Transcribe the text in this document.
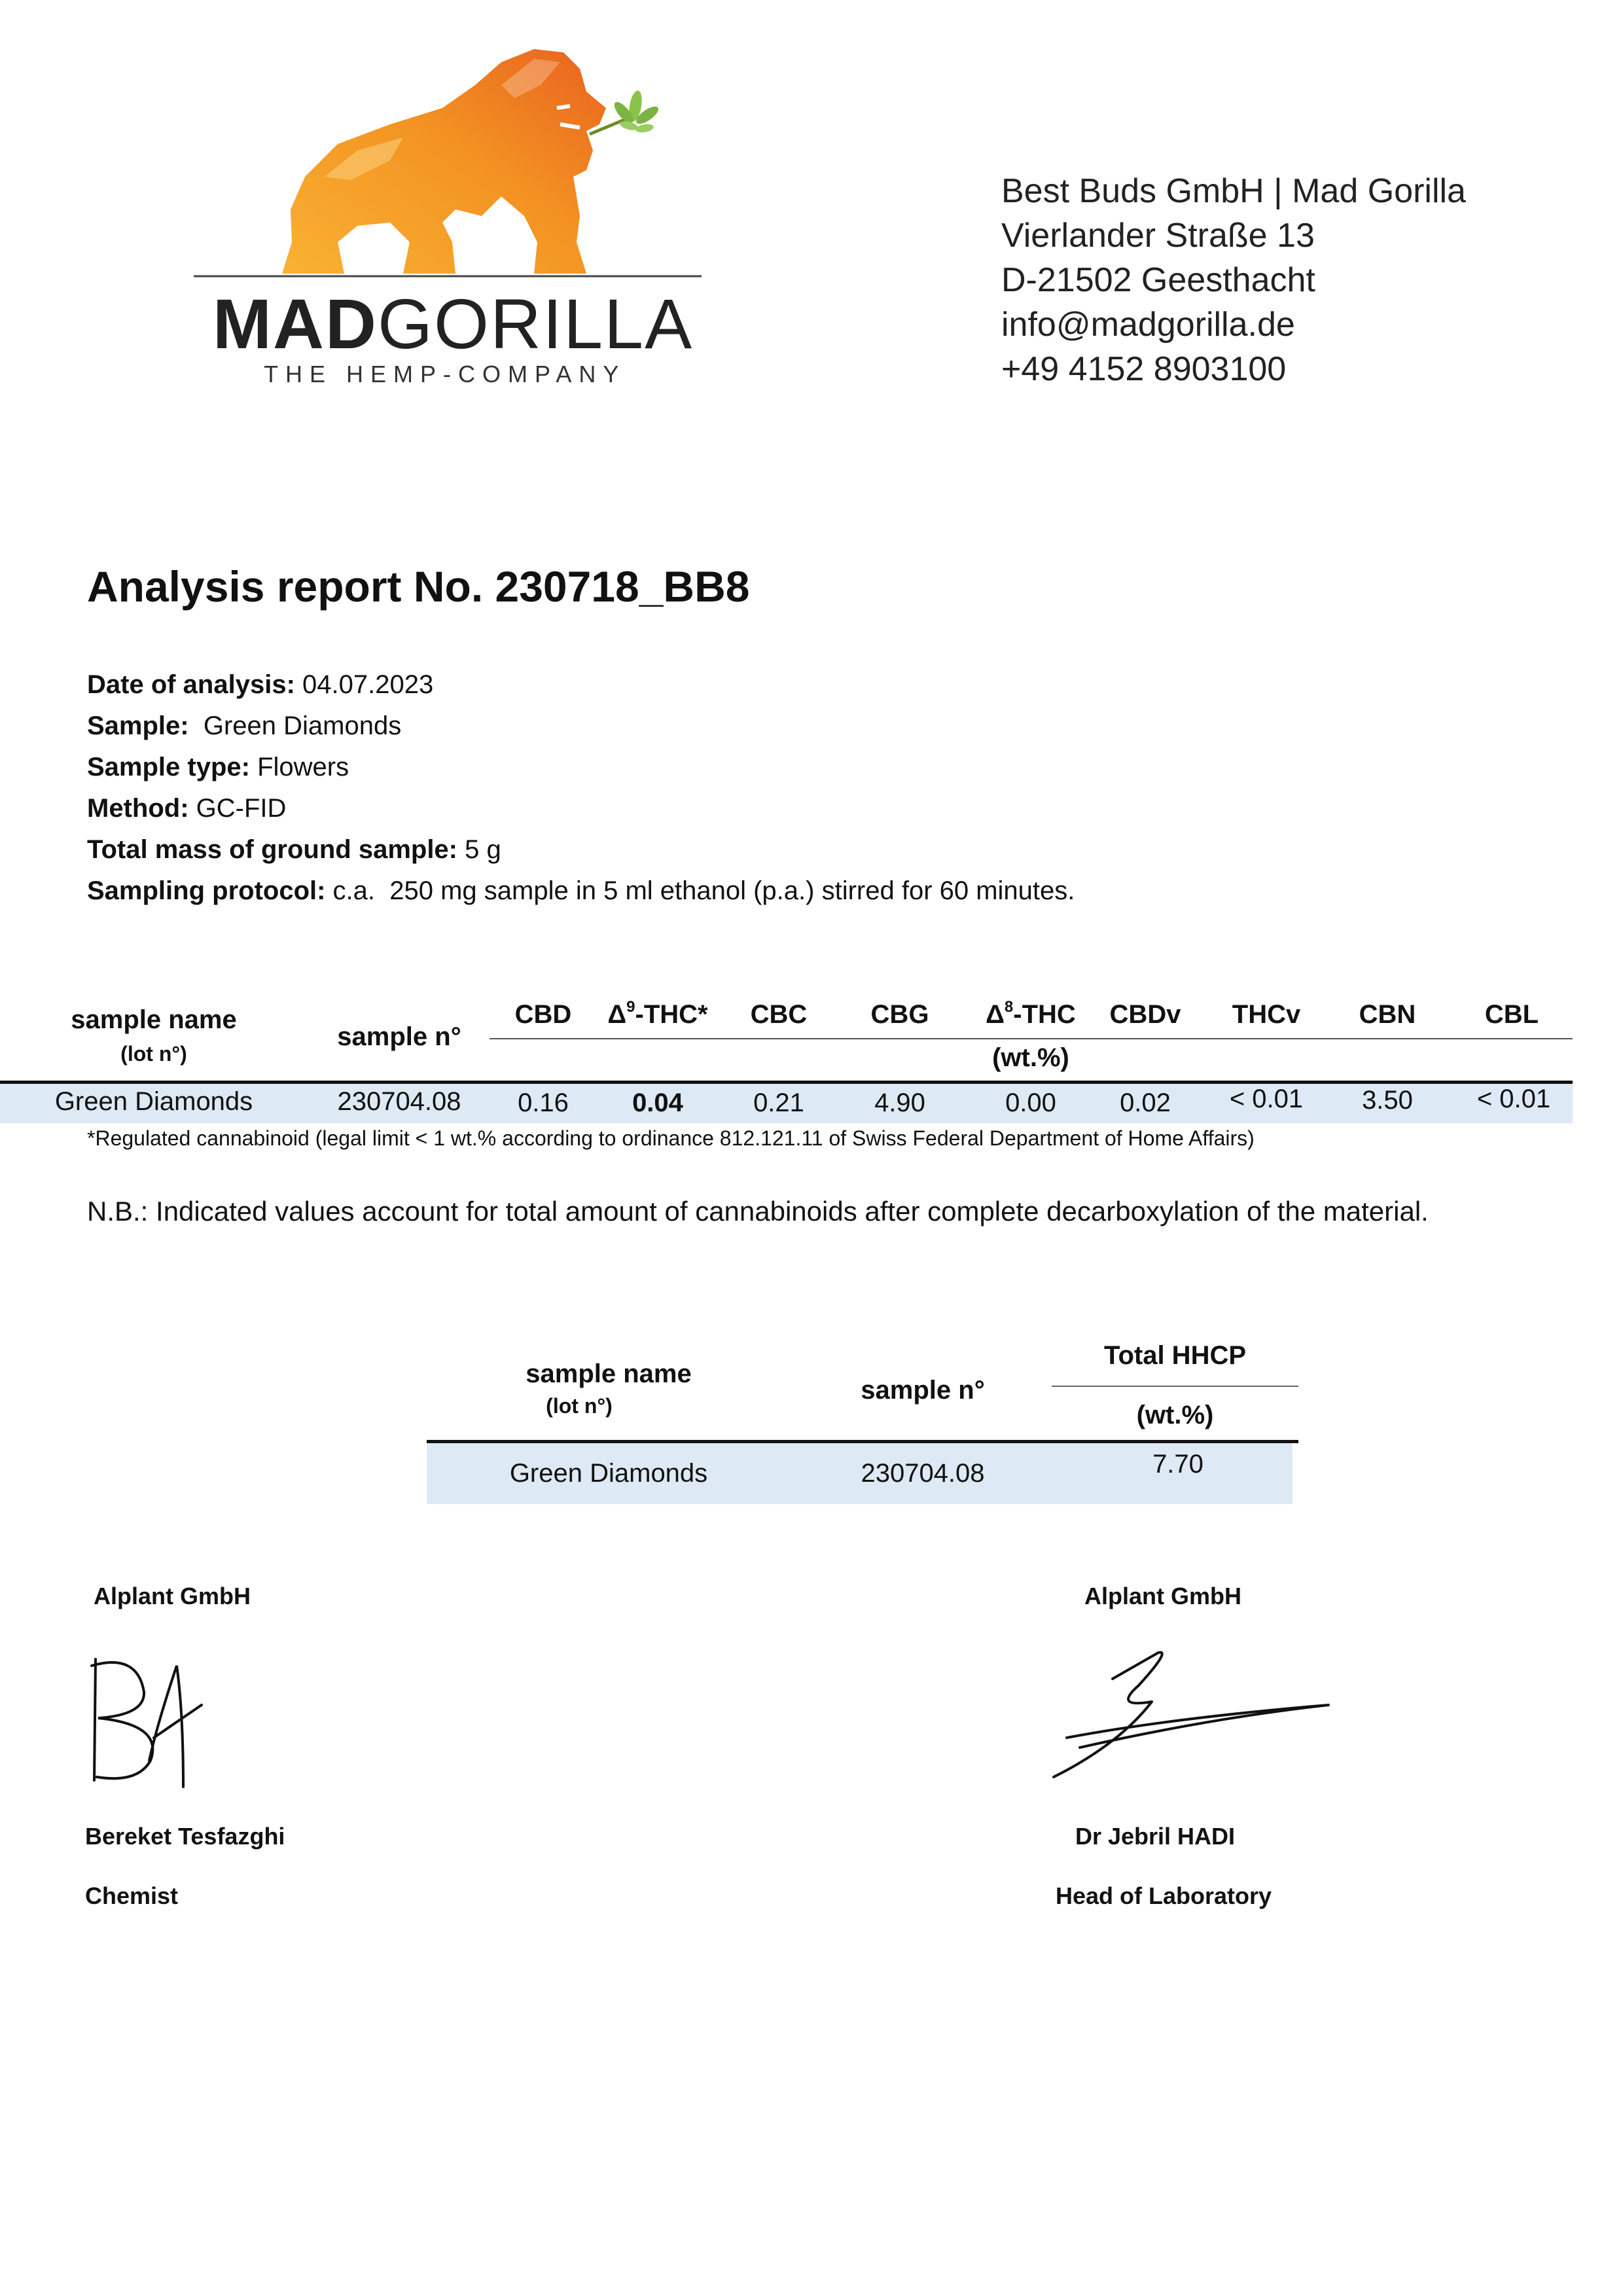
MADGORILLA
THE HEMP-COMPANY
Best Buds GmbH | Mad Gorilla
Vierlander Straße 13
D-21502 Geesthacht
info@madgorilla.de
+49 4152 8903100
Analysis report No. 230718_BB8
Date of analysis: 04.07.2023
Sample:  Green Diamonds
Sample type: Flowers
Method: GC-FID
Total mass of ground sample: 5 g
Sampling protocol: c.a.  250 mg sample in 5 ml ethanol (p.a.) stirred for 60 minutes.
sample name
(lot n°)
sample n°
CBD	$\Delta^9-THC*$	CBC	CBG	$\Delta^8$-THC	CBDv	THCv	CBN	CBL
(wt.%)
Green Diamonds	230704.08	0.16	0.04	0.21	4.90	0.00	0.02	< 0.01	3.50	< 0.01
*Regulated cannabinoid (legal limit < 1 wt.% according to ordinance 812.121.11 of Swiss Federal Department of Home Affairs)
N.B.: Indicated values account for total amount of cannabinoids after complete decarboxylation of the material.
sample name
(lot n°)
sample n°
Total HHCP
(wt.%)
Green Diamonds	230704.08	7.70
Alplant GmbH
Bereket Tesfazghi
Chemist
Alplant GmbH
Dr Jebril HADI
Head of Laboratory
